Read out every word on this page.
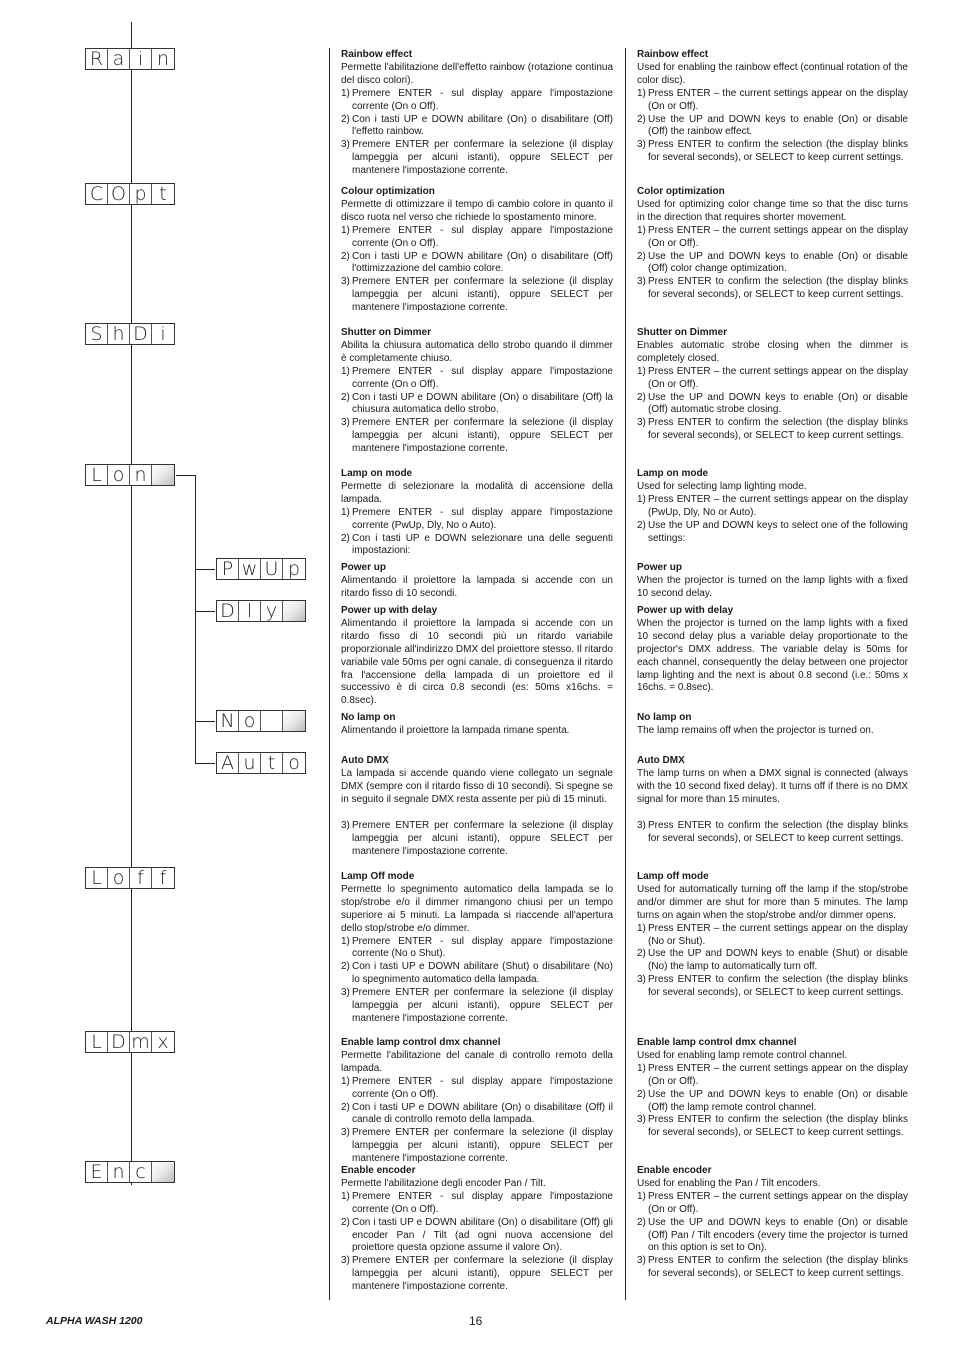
R a i n
C O p t
S h D i
L o n
P w U p
D l y
N o
A u t o
L o f f
L D m x
E n c
Rainbow effect
Permette l'abilitazione dell'effetto rainbow (rotazione continua del disco colori).
1) Premere ENTER - sul display appare l'impostazione corrente (On o Off).
2) Con i tasti UP e DOWN abilitare (On) o disabilitare (Off) l'effetto rainbow.
3) Premere ENTER per confermare la selezione (il display lampeggia per alcuni istanti), oppure SELECT per mantenere l'impostazione corrente.
Colour optimization
Permette di ottimizzare il tempo di cambio colore in quanto il disco ruota nel verso che richiede lo spostamento minore.
1) Premere ENTER - sul display appare l'impostazione corrente (On o Off).
2) Con i tasti UP e DOWN abilitare (On) o disabilitare (Off) l'ottimizzazione del cambio colore.
3) Premere ENTER per confermare la selezione (il display lampeggia per alcuni istanti), oppure SELECT per mantenere l'impostazione corrente.
Shutter on Dimmer
Abilita la chiusura automatica dello strobo quando il dimmer è completamente chiuso.
1) Premere ENTER - sul display appare l'impostazione corrente (On o Off).
2) Con i tasti UP e DOWN abilitare (On) o disabilitare (Off) la chiusura automatica dello strobo.
3) Premere ENTER per confermare la selezione (il display lampeggia per alcuni istanti), oppure SELECT per mantenere l'impostazione corrente.
Lamp on mode
Permette di selezionare la modalità di accensione della lampada.
1) Premere ENTER - sul display appare l'impostazione corrente (PwUp, Dly, No o Auto).
2) Con i tasti UP e DOWN selezionare una delle seguenti impostazioni:
Power up
Alimentando il proiettore la lampada si accende con un ritardo fisso di 10 secondi.
Power up with delay
Alimentando il proiettore la lampada si accende con un ritardo fisso di 10 secondi più un ritardo variabile proporzionale all'indirizzo DMX del proiettore stesso. Il ritardo variabile vale 50ms per ogni canale, di conseguenza il ritardo fra l'accensione della lampada di un proiettore ed il successivo è di circa 0.8 secondi (es: 50ms x16chs. = 0.8sec).
No lamp on
Alimentando il proiettore la lampada rimane spenta.
Auto DMX
La lampada si accende quando viene collegato un segnale DMX (sempre con il ritardo fisso di 10 secondi). Si spegne se in seguito il segnale DMX resta assente per più di 15 minuti.
3) Premere ENTER per confermare la selezione (il display lampeggia per alcuni istanti), oppure SELECT per mantenere l'impostazione corrente.
Lamp Off mode
Permette lo spegnimento automatico della lampada se lo stop/strobe e/o il dimmer rimangono chiusi per un tempo superiore ai 5 minuti. La lampada si riaccende all'apertura dello stop/strobe e/o dimmer.
1) Premere ENTER - sul display appare l'impostazione corrente (No o Shut).
2) Con i tasti UP e DOWN abilitare (Shut) o disabilitare (No) lo spegnimento automatico della lampada.
3) Premere ENTER per confermare la selezione (il display lampeggia per alcuni istanti), oppure SELECT per mantenere l'impostazione corrente.
Enable lamp control dmx channel
Permette l'abilitazione del canale di controllo remoto della lampada.
1) Premere ENTER - sul display appare l'impostazione corrente (On o Off).
2) Con i tasti UP e DOWN abilitare (On) o disabilitare (Off) il canale di controllo remoto della lampada.
3) Premere ENTER per confermare la selezione (il display lampeggia per alcuni istanti), oppure SELECT per mantenere l'impostazione corrente.
Enable encoder
Permette l'abilitazione degli encoder Pan / Tilt.
1) Premere ENTER - sul display appare l'impostazione corrente (On o Off).
2) Con i tasti UP e DOWN abilitare (On) o disabilitare (Off) gli encoder Pan / Tilt (ad ogni nuova accensione del proiettore questa opzione assume il valore On).
3) Premere ENTER per confermare la selezione (il display lampeggia per alcuni istanti), oppure SELECT per mantenere l'impostazione corrente.
Rainbow effect
Used for enabling the rainbow effect (continual rotation of the color disc).
1) Press ENTER – the current settings appear on the display (On or Off).
2) Use the UP and DOWN keys to enable (On) or disable (Off) the rainbow effect.
3) Press ENTER to confirm the selection (the display blinks for several seconds), or SELECT to keep current settings.
Color optimization
Used for optimizing color change time so that the disc turns in the direction that requires shorter movement.
1) Press ENTER – the current settings appear on the display (On or Off).
2) Use the UP and DOWN keys to enable (On) or disable (Off) color change optimization.
3) Press ENTER to confirm the selection (the display blinks for several seconds), or SELECT to keep current settings.
Shutter on Dimmer
Enables automatic strobe closing when the dimmer is completely closed.
1) Press ENTER – the current settings appear on the display (On or Off).
2) Use the UP and DOWN keys to enable (On) or disable (Off) automatic strobe closing.
3) Press ENTER to confirm the selection (the display blinks for several seconds), or SELECT to keep current settings.
Lamp on mode
Used for selecting lamp lighting mode.
1) Press ENTER – the current settings appear on the display (PwUp, Dly, No or Auto).
2) Use the UP and DOWN keys to select one of the following settings:
Power up
When the projector is turned on the lamp lights with a fixed 10 second delay.
Power up with delay
When the projector is turned on the lamp lights with a fixed 10 second delay plus a variable delay proportionate to the projector's DMX address. The variable delay is 50ms for each channel, consequently the delay between one projector lamp lighting and the next is about 0.8 second (i.e.: 50ms x 16chs. = 0.8sec).
No lamp on
The lamp remains off when the projector is turned on.
Auto DMX
The lamp turns on when a DMX signal is connected (always with the 10 second fixed delay). It turns off if there is no DMX signal for more than 15 minutes.
3) Press ENTER to confirm the selection (the display blinks for several seconds), or SELECT to keep current settings.
Lamp off mode
Used for automatically turning off the lamp if the stop/strobe and/or dimmer are shut for more than 5 minutes. The lamp turns on again when the stop/strobe and/or dimmer opens.
1) Press ENTER – the current settings appear on the display (No or Shut).
2) Use the UP and DOWN keys to enable (Shut) or disable (No) the lamp to automatically turn off.
3) Press ENTER to confirm the selection (the display blinks for several seconds), or SELECT to keep current settings.
Enable lamp control dmx channel
Used for enabling lamp remote control channel.
1) Press ENTER – the current settings appear on the display (On or Off).
2) Use the UP and DOWN keys to enable (On) or disable (Off) the lamp remote control channel.
3) Press ENTER to confirm the selection (the display blinks for several seconds), or SELECT to keep current settings.
Enable encoder
Used for enabling the Pan / Tilt encoders.
1) Press ENTER – the current settings appear on the display (On or Off).
2) Use the UP and DOWN keys to enable (On) or disable (Off) Pan / Tilt encoders (every time the projector is turned on this option is set to On).
3) Press ENTER to confirm the selection (the display blinks for several seconds), or SELECT to keep current settings.
ALPHA WASH 1200	16
